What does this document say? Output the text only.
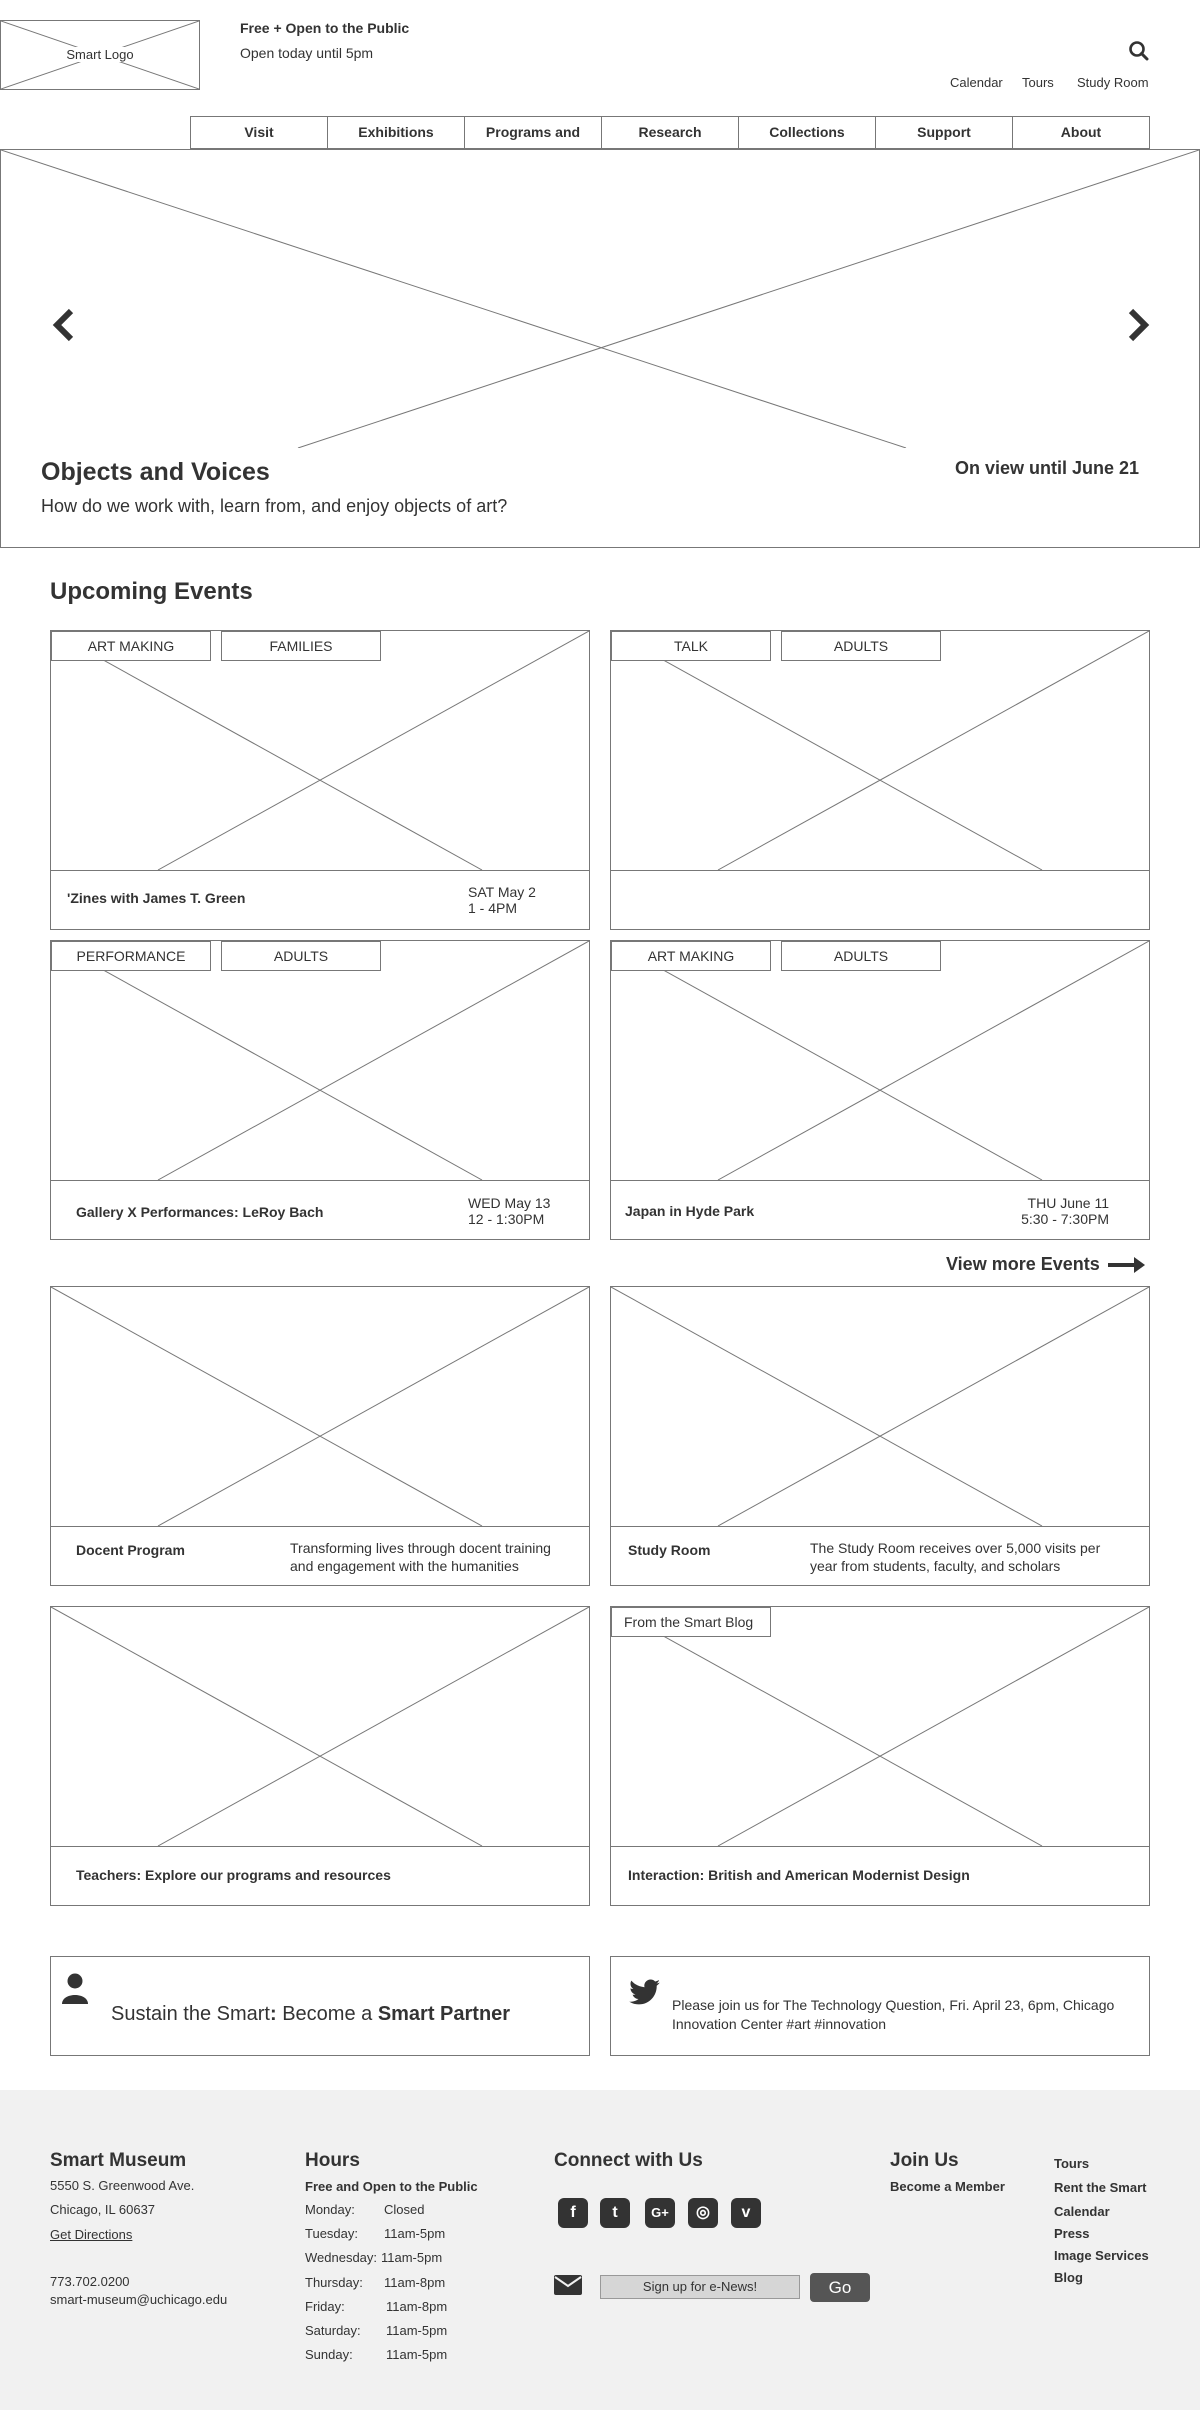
Smart Logo
Free + Open to the Public
Open today until 5pm
Calendar Tours Study Room
Visit	Exhibitions	Programs and	Research	Collections	Support	About
Objects and Voices
How do we work with, learn from, and enjoy objects of art?
On view until June 21
Upcoming Events
ART MAKING	FAMILIES
'Zines with James T. Green	SAT May 2
1 - 4PM
TALK	ADULTS
PERFORMANCE	ADULTS
Gallery X Performances: LeRoy Bach
WED May 13
12 - 1:30PM
ART MAKING	ADULTS
Japan in Hyde Park	THU June 11
5:30 - 7:30PM
View more Events
Docent Program	Transforming lives through docent training
and engagement with the humanities
Study Room	The Study Room receives over 5,000 visits per
year from students, faculty, and scholars
Teachers: Explore our programs and resources
From the Smart Blog
Interaction: British and American Modernist Design
Sustain the Smart: Become a Smart Partner	Please join us for The Technology Question, Fri. April 23, 6pm, Chicago
Innovation Center #art #innovation
Smart Museum
5550 S. Greenwood Ave.
Chicago, IL 60637
Get Directions
773.702.0200
smart-museum@uchicago.edu
Hours
Free and Open to the Public
Monday: Closed
Tuesday: 11am-5pm
Wednesday: 11am-5pm
Thursday: 11am-8pm
Friday:	11am-8pm
Saturday: 11am-5pm
Sunday:	11am-5pm
Connect with Us
f	t	G+	◎	v
Sign up for e-News!	Go
Join Us
Become a Member
Tours
Rent the Smart
Calendar
Press
Image Services
Blog
